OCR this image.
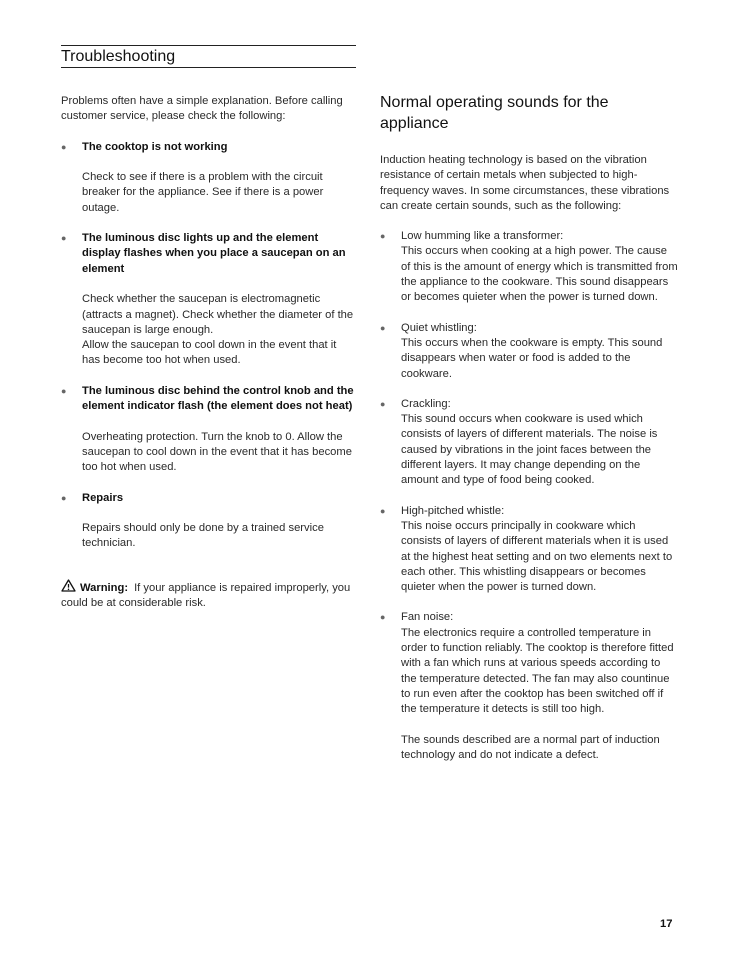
Troubleshooting

Problems often have a simple explanation. Before calling customer service, please check the following:

● The cooktop is not working

Check to see if there is a problem with the circuit breaker for the appliance. See if there is a power outage.

● The luminous disc lights up and the element display flashes when you place a saucepan on an element

Check whether the saucepan is electromagnetic (attracts a magnet). Check whether the diameter of the saucepan is large enough.

Allow the saucepan to cool down in the event that it has become too hot when used.

● The luminous disc behind the control knob and the element indicator flash (the element does not heat)

Overheating protection. Turn the knob to 0. Allow the saucepan to cool down in the event that it has become too hot when used.

● Repairs

Repairs should only be done by a trained service technician.

Warning: If your appliance is repaired improperly, you could be at considerable risk.
Normal operating sounds for the appliance

Induction heating technology is based on the vibration resistance of certain metals when subjected to high-frequency waves. In some circumstances, these vibrations can create certain sounds, such as the following:

● Low humming like a transformer:

This occurs when cooking at a high power. The cause of this is the amount of energy which is transmitted from the appliance to the cookware. This sound disappears or becomes quieter when the power is turned down.

● Quiet whistling:

This occurs when the cookware is empty. This sound disappears when water or food is added to the cookware.

● Crackling:

This sound occurs when cookware is used which consists of layers of different materials. The noise is caused by vibrations in the joint faces between the different layers. It may change depending on the amount and type of food being cooked.

● High-pitched whistle:

This noise occurs principally in cookware which consists of layers of different materials when it is used at the highest heat setting and on two elements next to each other. This whistling disappears or becomes quieter when the power is turned down.

● Fan noise:

The electronics require a controlled temperature in order to function reliably. The cooktop is therefore fitted with a fan which runs at various speeds according to the temperature detected. The fan may also countinue to run even after the cooktop has been switched off if the temperature it detects is still too high.

The sounds described are a normal part of induction technology and do not indicate a defect.

17
